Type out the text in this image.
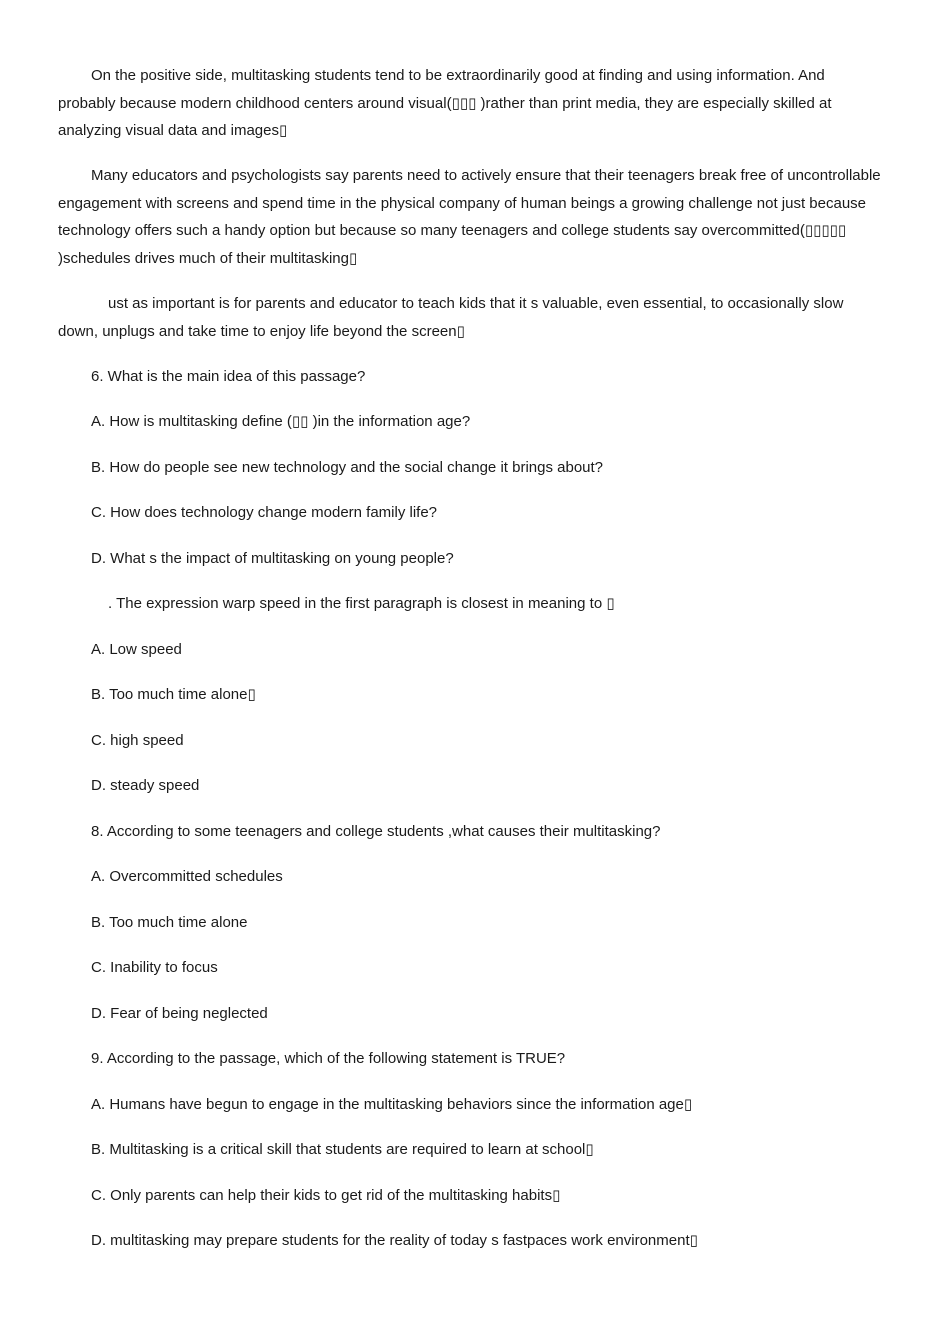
On the positive side, multitasking students tend to be extraordinarily good at finding and using information. And probably because modern childhood centers around visual(▯▯▯ )rather than print media, they are especially skilled at analyzing visual data and images▯

Many educators and psychologists say parents need to actively ensure that their teenagers break free of uncontrollable engagement with screens and spend time in the physical company of human beings a growing challenge not just because technology offers such a handy option but because so many teenagers and college students say overcommitted(▯▯▯▯▯ )schedules drives much of their multitasking▯

ust as important is for parents and educator to teach kids that it s valuable, even essential, to occasionally slow down, unplugs and take time to enjoy life beyond the screen▯

6. What is the main idea of this passage?

A. How is multitasking define (▯▯ )in the information age?

B. How do people see new technology and the social change it brings about?

C. How does technology change modern family life?

D. What s the impact of multitasking on young people?

. The expression warp speed in the first paragraph is closest in meaning to ▯

A. Low speed

B. Too much time alone▯

C. high speed

D. steady speed

8. According to some teenagers and college students ,what causes their multitasking?

A. Overcommitted schedules

B. Too much time alone

C. Inability to focus

D. Fear of being neglected

9. According to the passage, which of the following statement is TRUE?

A. Humans have begun to engage in the multitasking behaviors since the information age▯

B. Multitasking is a critical skill that students are required to learn at school▯

C. Only parents can help their kids to get rid of the multitasking habits▯

D. multitasking may prepare students for the reality of today s fastpaces work environment▯
